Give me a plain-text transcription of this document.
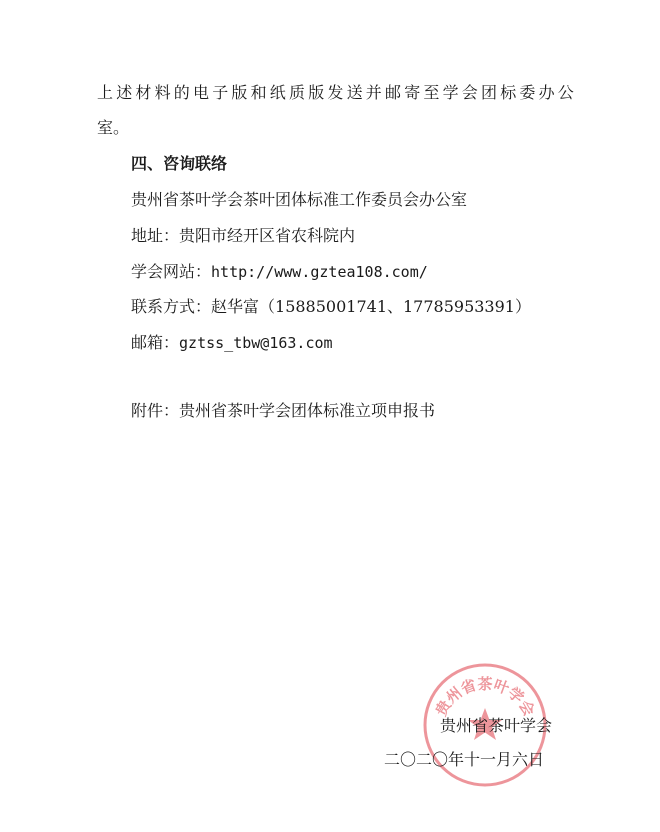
上述材料的电子版和纸质版发送并邮寄至学会团标委办公
室。
四、咨询联络
贵州省茶叶学会茶叶团体标准工作委员会办公室
地址：贵阳市经开区省农科院内
学会网站：http://www.gztea108.com/
联系方式：赵华富（15885001741、17785953391）
邮箱：gztss_tbw@163.com
附件：贵州省茶叶学会团体标准立项申报书
贵州省茶叶学会
贵州省茶叶学会
二〇二〇年十一月六日
